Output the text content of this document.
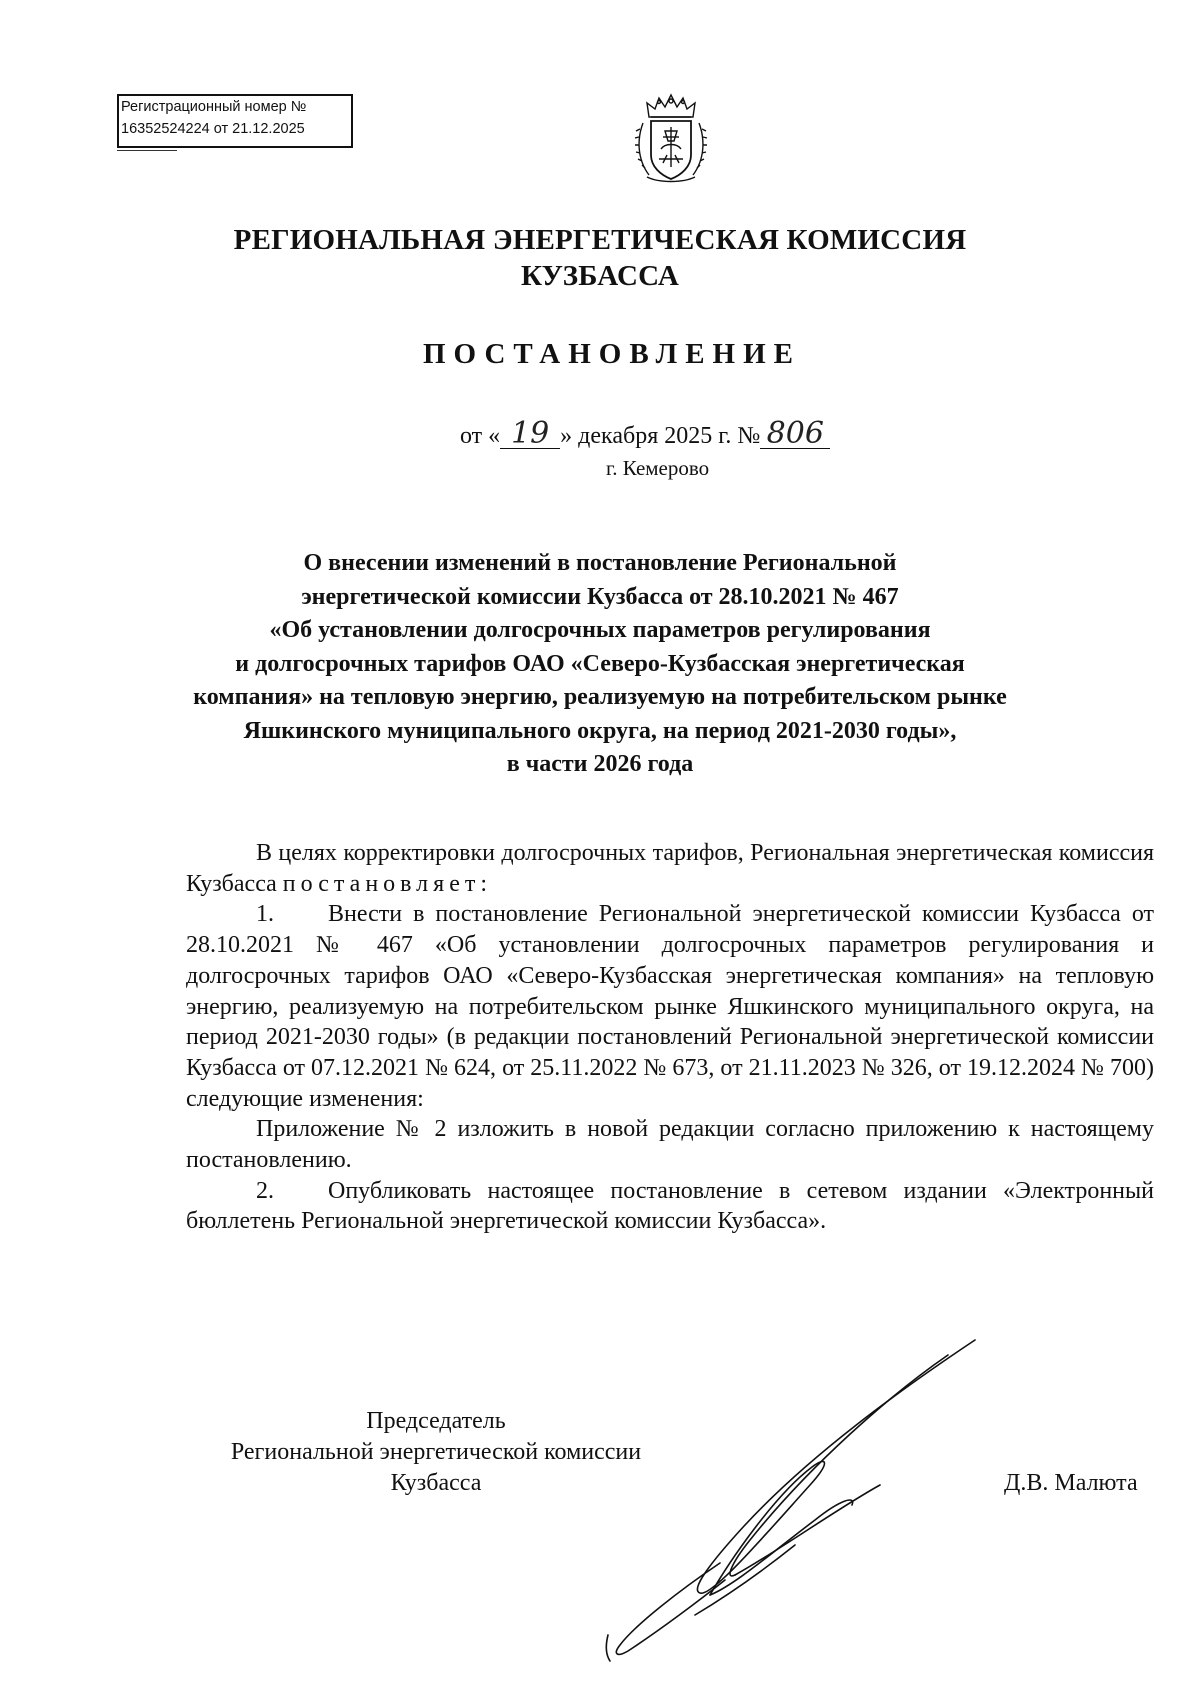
Регистрационный номер №
16352524224 от 21.12.2025
РЕГИОНАЛЬНАЯ ЭНЕРГЕТИЧЕСКАЯ КОМИССИЯ
КУЗБАССА
ПОСТАНОВЛЕНИЕ
от « 19 » декабря 2025 г. № 806
г. Кемерово
О внесении изменений в постановление Региональной
энергетической комиссии Кузбасса от 28.10.2021 № 467
«Об установлении долгосрочных параметров регулирования
и долгосрочных тарифов ОАО «Северо-Кузбасская энергетическая
компания» на тепловую энергию, реализуемую на потребительском рынке
Яшкинского муниципального округа, на период 2021-2030 годы»,
в части 2026 года

В целях корректировки долгосрочных тарифов, Региональная энергетическая комиссия Кузбасса постановляет:

1. Внести в постановление Региональной энергетической комиссии Кузбасса от 28.10.2021 № 467 «Об установлении долгосрочных параметров регулирования и долгосрочных тарифов ОАО «Северо-Кузбасская энергетическая компания» на тепловую энергию, реализуемую на потребительском рынке Яшкинского муниципального округа, на период 2021-2030 годы» (в редакции постановлений Региональной энергетической комиссии Кузбасса от 07.12.2021 № 624, от 25.11.2022 № 673, от 21.11.2023 № 326, от 19.12.2024 № 700) следующие изменения:

Приложение № 2 изложить в новой редакции согласно приложению к настоящему постановлению.

2. Опубликовать настоящее постановление в сетевом издании «Электронный бюллетень Региональной энергетической комиссии Кузбасса».

Председатель
Региональной энергетической комиссии
Кузбасса	Д.В. Малюта
